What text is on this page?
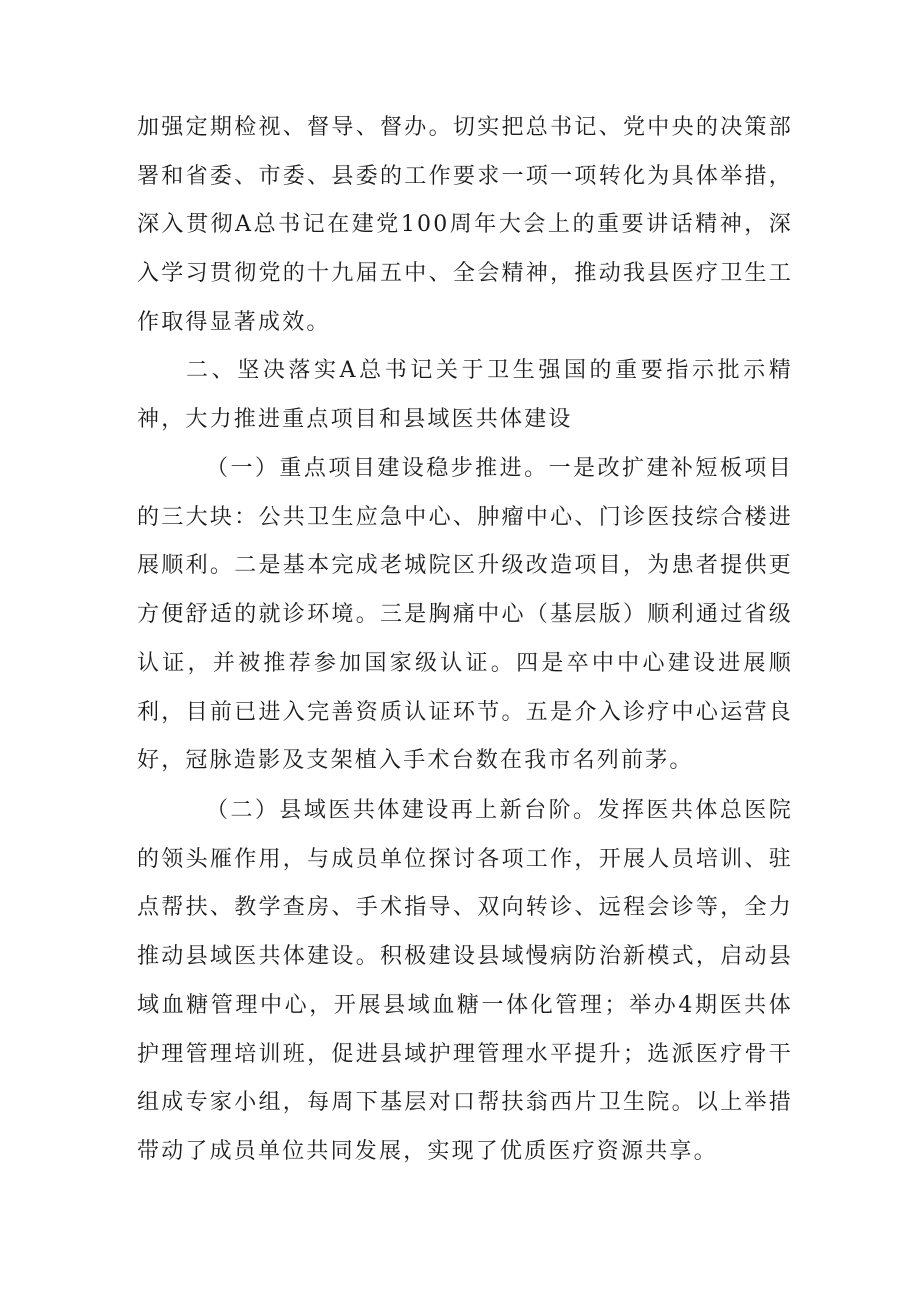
加强定期检视、督导、督办。切实把总书记、党中央的决策部署和省委、市委、县委的工作要求一项一项转化为具体举措，深入贯彻A总书记在建党100周年大会上的重要讲话精神，深入学习贯彻党的十九届五中、全会精神，推动我县医疗卫生工作取得显著成效。

二、坚决落实A总书记关于卫生强国的重要指示批示精神，大力推进重点项目和县域医共体建设

（一）重点项目建设稳步推进。一是改扩建补短板项目的三大块：公共卫生应急中心、肿瘤中心、门诊医技综合楼进展顺利。二是基本完成老城院区升级改造项目，为患者提供更方便舒适的就诊环境。三是胸痛中心（基层版）顺利通过省级认证，并被推荐参加国家级认证。四是卒中中心建设进展顺利，目前已进入完善资质认证环节。五是介入诊疗中心运营良好，冠脉造影及支架植入手术台数在我市名列前茅。

（二）县域医共体建设再上新台阶。发挥医共体总医院的领头雁作用，与成员单位探讨各项工作，开展人员培训、驻点帮扶、教学查房、手术指导、双向转诊、远程会诊等，全力推动县域医共体建设。积极建设县域慢病防治新模式，启动县域血糖管理中心，开展县域血糖一体化管理；举办4期医共体护理管理培训班，促进县域护理管理水平提升；选派医疗骨干组成专家小组，每周下基层对口帮扶翁西片卫生院。以上举措带动了成员单位共同发展，实现了优质医疗资源共享。
